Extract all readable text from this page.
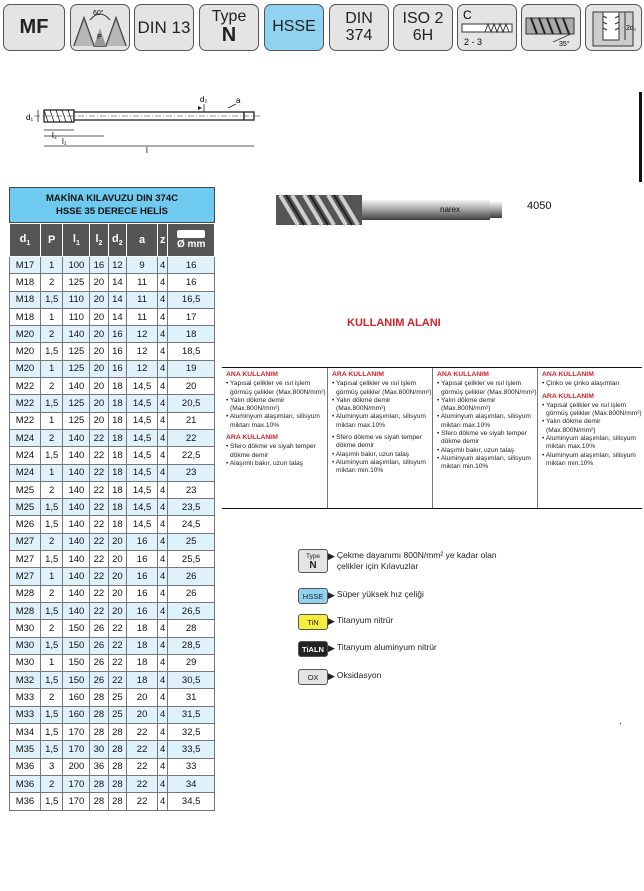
MF
60°
P
DIN 13
Type
N HSSE DIN
374
ISO 2
6H
C
2 - 3	35°
2d₁
d₁
d₂	a
l₂
l₁
l
narex	4050
MAKİNA KILAVUZU DIN 374C
HSSE 35 DERECE HELİS
$d_1$	P	$l_1$	$l_2$	$d_2$	a	z	Ø mm

M17	1	100	16	12	9	4	16
M18	2	125	20	14	11	4	16
M18	1,5	110	20	14	11	4	16,5
M18	1	110	20	14	11	4	17
M20	2	140	20	16	12	4	18
M20	1,5	125	20	16	12	4	18,5
M20	1	125	20	16	12	4	19
M22	2	140	20	18	14,5	4	20
M22	1,5	125	20	18	14,5	4	20,5
M22	1	125	20	18	14,5	4	21
M24	2	140	22	18	14,5	4	22
M24	1,5	140	22	18	14,5	4	22,5
M24	1	140	22	18	14,5	4	23
M25	2	140	22	18	14,5	4	23
M25	1,5	140	22	18	14,5	4	23,5
M26	1,5	140	22	18	14,5	4	24,5
M27	2	140	22	20	16	4	25
M27	1,5	140	22	20	16	4	25,5
M27	1	140	22	20	16	4	26
M28	2	140	22	20	16	4	26
M28	1,5	140	22	20	16	4	26,5
M30	2	150	26	22	18	4	28
M30	1,5	150	26	22	18	4	28,5
M30	1	150	26	22	18	4	29
M32	1,5	150	26	22	18	4	30,5
M33	2	160	28	25	20	4	31
M33	1,5	160	28	25	20	4	31,5
M34	1,5	170	28	28	22	4	32,5
M35	1,5	170	30	28	22	4	33,5
M36	3	200	36	28	22	4	33
M36	2	170	28	28	22	4	34
M36	1,5	170	28	28	22	4	34,5
KULLANIM ALANI
ANA KULLANIM
• Yapısal çelikler ve ısıl işlem görmüş çelikler (Max.800N/mm²)
• Yalın dökme demir (Max.800N/mm²)
• Aluminyum alaşımları, silisyum miktarı max.10%
ARA KULLANIM
• Sfero dökme ve siyah temper dökme demir
• Alaşımlı bakır, uzun talaş
ARA KULLANIM
• Yapısal çelikler ve ısıl işlem görmüş çelikler (Max.800N/mm²)
• Yalın dökme demir (Max.800N/mm²)
• Aluminyum alaşımları, silisyum miktarı max.10%
• Sfero dökme ve siyah temper dökme demir
• Alaşımlı bakır, uzun talaş
• Aluminyum alaşımları, silisyum miktarı min.10%
ANA KULLANIM
• Yapısal çelikler ve ısıl işlem görmüş çelikler (Max.800N/mm²)
• Yalın dökme demir (Max.800N/mm²)
• Aluminyum alaşımları, silisyum miktarı max.10%
• Sfero dökme ve siyah temper dökme demir
• Alaşımlı bakır, uzun talaş
• Aluminyum alaşımları, silisyum miktarı min.10%
ANA KULLANIM
• Çinko ve çinko alaşımları
ARA KULLANIM
• Yapısal çelikler ve ısıl işlem görmüş çelikler (Max.800N/mm²)
• Yalın dökme demir (Max.800N/mm²)
• Aluminyum alaşımları, silisyum miktarı max.10%
• Aluminyum alaşımları, silisyum miktarı min.10%
Type
N
▶ Çekme dayanımı 800N/mm² ye kadar olan çelikler için Kılavuzlar
HSSE ▶ Süper yüksek hız çeliği
TiN	▶ Titanyum nitrür
TiALN ▶ Titanyum aluminyum nitrür
OX	▶ Oksidasyon
.
